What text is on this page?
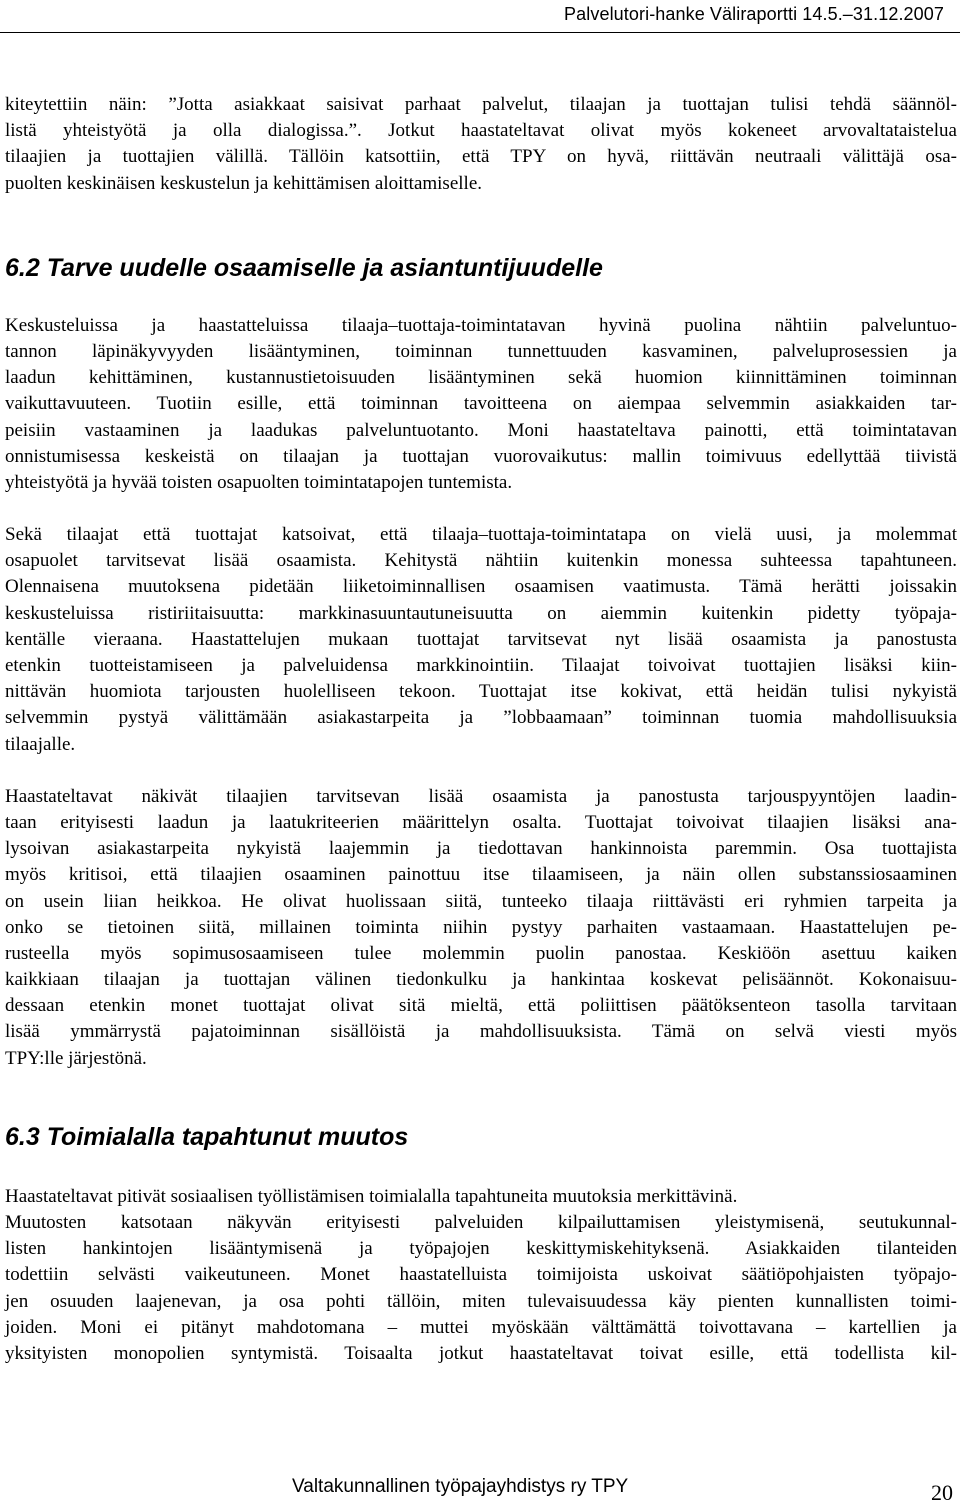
Palvelutori-hanke Väliraportti 14.5.–31.12.2007
kiteytettiin näin: ”Jotta asiakkaat saisivat parhaat palvelut, tilaajan ja tuottajan tulisi tehdä säännöl-
listä yhteistyötä ja olla dialogissa.”. Jotkut haastateltavat olivat myös kokeneet arvovaltataistelua
tilaajien ja tuottajien välillä. Tällöin katsottiin, että TPY on hyvä, riittävän neutraali välittäjä osa-
puolten keskinäisen keskustelun ja kehittämisen aloittamiselle.
6.2 Tarve uudelle osaamiselle ja asiantuntijuudelle
Keskusteluissa ja haastatteluissa tilaaja–tuottaja-toimintatavan hyvinä puolina nähtiin palveluntuo-
tannon läpinäkyvyyden lisääntyminen, toiminnan tunnettuuden kasvaminen, palveluprosessien ja
laadun kehittäminen, kustannustietoisuuden lisääntyminen sekä huomion kiinnittäminen toiminnan
vaikuttavuuteen. Tuotiin esille, että toiminnan tavoitteena on aiempaa selvemmin asiakkaiden tar-
peisiin vastaaminen ja laadukas palveluntuotanto. Moni haastateltava painotti, että toimintatavan
onnistumisessa keskeistä on tilaajan ja tuottajan vuorovaikutus: mallin toimivuus edellyttää tiivistä
yhteistyötä ja hyvää toisten osapuolten toimintatapojen tuntemista.
Sekä tilaajat että tuottajat katsoivat, että tilaaja–tuottaja-toimintatapa on vielä uusi, ja molemmat
osapuolet tarvitsevat lisää osaamista. Kehitystä nähtiin kuitenkin monessa suhteessa tapahtuneen.
Olennaisena muutoksena pidetään liiketoiminnallisen osaamisen vaatimusta. Tämä herätti joissakin
keskusteluissa ristiriitaisuutta: markkinasuuntautuneisuutta on aiemmin kuitenkin pidetty työpaja-
kentälle vieraana. Haastattelujen mukaan tuottajat tarvitsevat nyt lisää osaamista ja panostusta
etenkin tuotteistamiseen ja palveluidensa markkinointiin. Tilaajat toivoivat tuottajien lisäksi kiin-
nittävän huomiota tarjousten huolelliseen tekoon. Tuottajat itse kokivat, että heidän tulisi nykyistä
selvemmin pystyä välittämään asiakastarpeita ja ”lobbaamaan” toiminnan tuomia mahdollisuuksia
tilaajalle.
Haastateltavat näkivät tilaajien tarvitsevan lisää osaamista ja panostusta tarjouspyyntöjen laadin-
taan erityisesti laadun ja laatukriteerien määrittelyn osalta. Tuottajat toivoivat tilaajien lisäksi ana-
lysoivan asiakastarpeita nykyistä laajemmin ja tiedottavan hankinnoista paremmin. Osa tuottajista
myös kritisoi, että tilaajien osaaminen painottuu itse tilaamiseen, ja näin ollen substanssiosaaminen
on usein liian heikkoa. He olivat huolissaan siitä, tunteeko tilaaja riittävästi eri ryhmien tarpeita ja
onko se tietoinen siitä, millainen toiminta niihin pystyy parhaiten vastaamaan. Haastattelujen pe-
rusteella myös sopimusosaamiseen tulee molemmin puolin panostaa. Keskiöön asettuu kaiken
kaikkiaan tilaajan ja tuottajan välinen tiedonkulku ja hankintaa koskevat pelisäännöt. Kokonaisuu-
dessaan etenkin monet tuottajat olivat sitä mieltä, että poliittisen päätöksenteon tasolla tarvitaan
lisää ymmärrystä pajatoiminnan sisällöistä ja mahdollisuuksista. Tämä on selvä viesti myös
TPY:lle järjestönä.
6.3 Toimialalla tapahtunut muutos
Haastateltavat pitivät sosiaalisen työllistämisen toimialalla tapahtuneita muutoksia merkittävinä.
Muutosten katsotaan näkyvän erityisesti palveluiden kilpailuttamisen yleistymisenä, seutukunnal-
listen hankintojen lisääntymisenä ja työpajojen keskittymiskehityksenä. Asiakkaiden tilanteiden
todettiin selvästi vaikeutuneen. Monet haastatelluista toimijoista uskoivat säätiöpohjaisten työpajo-
jen osuuden laajenevan, ja osa pohti tällöin, miten tulevaisuudessa käy pienten kunnallisten toimi-
joiden. Moni ei pitänyt mahdotomana – muttei myöskään välttämättä toivottavana – kartellien ja
yksityisten monopolien syntymistä. Toisaalta jotkut haastateltavat toivat esille, että todellista kil-
Valtakunnallinen työpajayhdistys ry TPY	20
